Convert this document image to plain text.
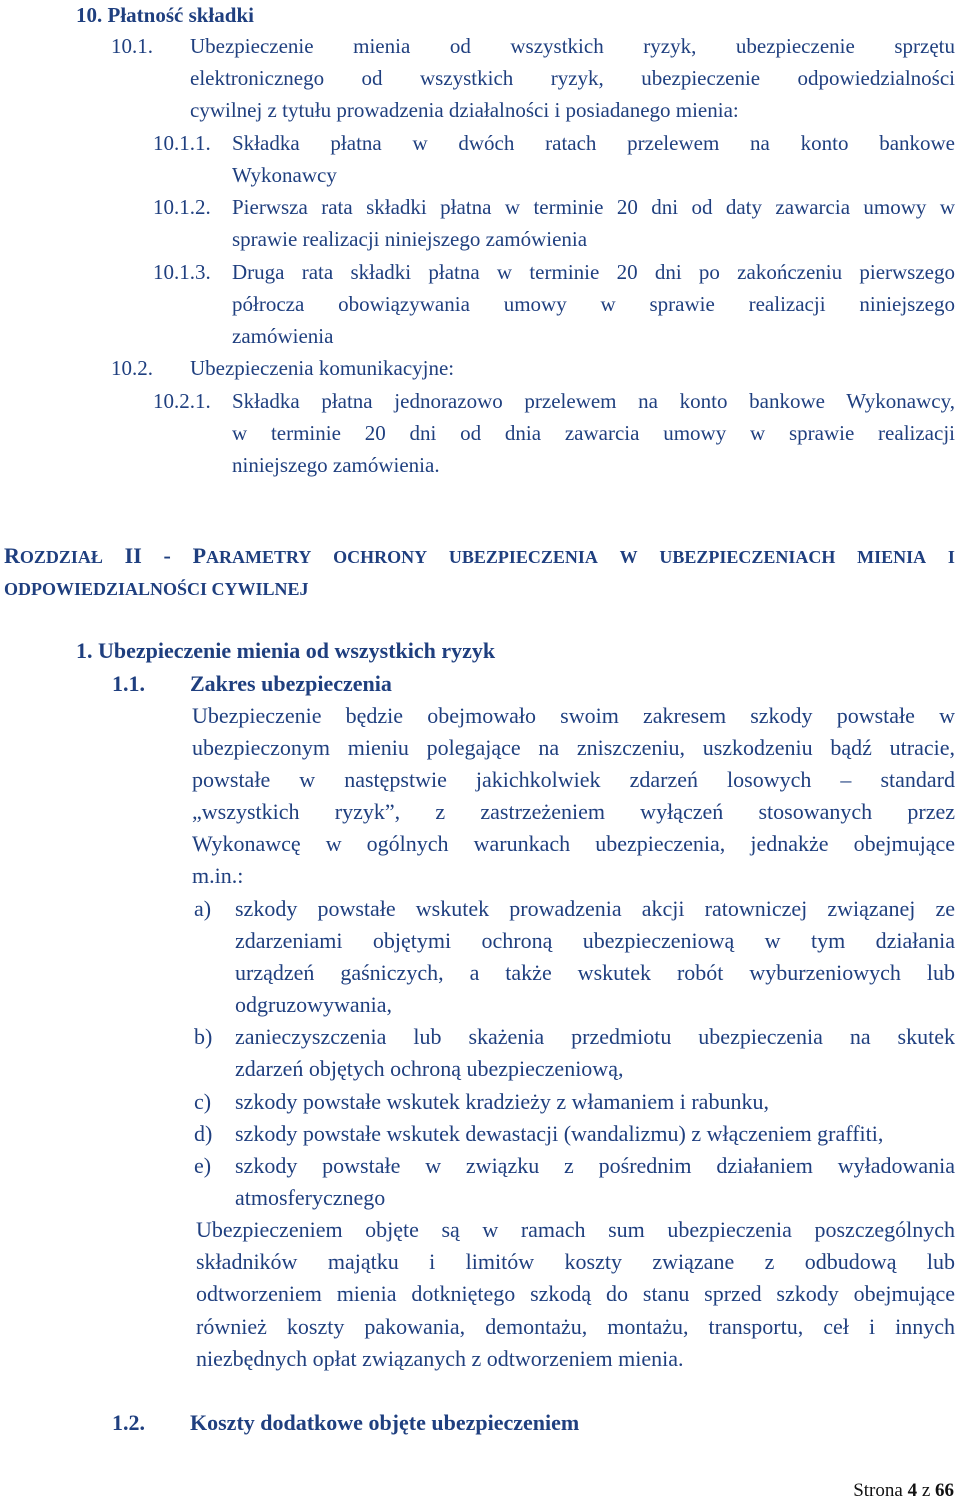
10. Płatność składki
10.1. Ubezpieczenie mienia od wszystkich ryzyk, ubezpieczenie sprzętu
elektronicznego od wszystkich ryzyk, ubezpieczenie odpowiedzialności
cywilnej z tytułu prowadzenia działalności i posiadanego mienia:
10.1.1. Składka płatna w dwóch ratach przelewem na konto bankowe
Wykonawcy
10.1.2. Pierwsza rata składki płatna w terminie 20 dni od daty zawarcia umowy w
sprawie realizacji niniejszego zamówienia
10.1.3. Druga rata składki płatna w terminie 20 dni po zakończeniu pierwszego
półrocza obowiązywania umowy w sprawie realizacji niniejszego
zamówienia
10.2. Ubezpieczenia komunikacyjne:
10.2.1. Składka płatna jednorazowo przelewem na konto bankowe Wykonawcy,
w terminie 20 dni od dnia zawarcia umowy w sprawie realizacji
niniejszego zamówienia.
ROZDZIAŁ II - PARAMETRY OCHRONY UBEZPIECZENIA W UBEZPIECZENIACH MIENIA I
ODPOWIEDZIALNOŚCI CYWILNEJ
1. Ubezpieczenie mienia od wszystkich ryzyk
1.1. Zakres ubezpieczenia
Ubezpieczenie będzie obejmowało swoim zakresem szkody powstałe w
ubezpieczonym mieniu polegające na zniszczeniu, uszkodzeniu bądź utracie,
powstałe w następstwie jakichkolwiek zdarzeń losowych – standard
„wszystkich ryzyk”, z zastrzeżeniem wyłączeń stosowanych przez
Wykonawcę w ogólnych warunkach ubezpieczenia, jednakże obejmujące
m.in.:
a) szkody powstałe wskutek prowadzenia akcji ratowniczej związanej ze
zdarzeniami objętymi ochroną ubezpieczeniową w tym działania
urządzeń gaśniczych, a także wskutek robót wyburzeniowych lub
odgruzowywania,
b) zanieczyszczenia lub skażenia przedmiotu ubezpieczenia na skutek
zdarzeń objętych ochroną ubezpieczeniową,
c) szkody powstałe wskutek kradzieży z włamaniem i rabunku,
d) szkody powstałe wskutek dewastacji (wandalizmu) z włączeniem graffiti,
e) szkody powstałe w związku z pośrednim działaniem wyładowania
atmosferycznego
Ubezpieczeniem objęte są w ramach sum ubezpieczenia poszczególnych
składników majątku i limitów koszty związane z odbudową lub
odtworzeniem mienia dotkniętego szkodą do stanu sprzed szkody obejmujące
również koszty pakowania, demontażu, montażu, transportu, ceł i innych
niezbędnych opłat związanych z odtworzeniem mienia.
1.2. Koszty dodatkowe objęte ubezpieczeniem
Strona 4 z 66
